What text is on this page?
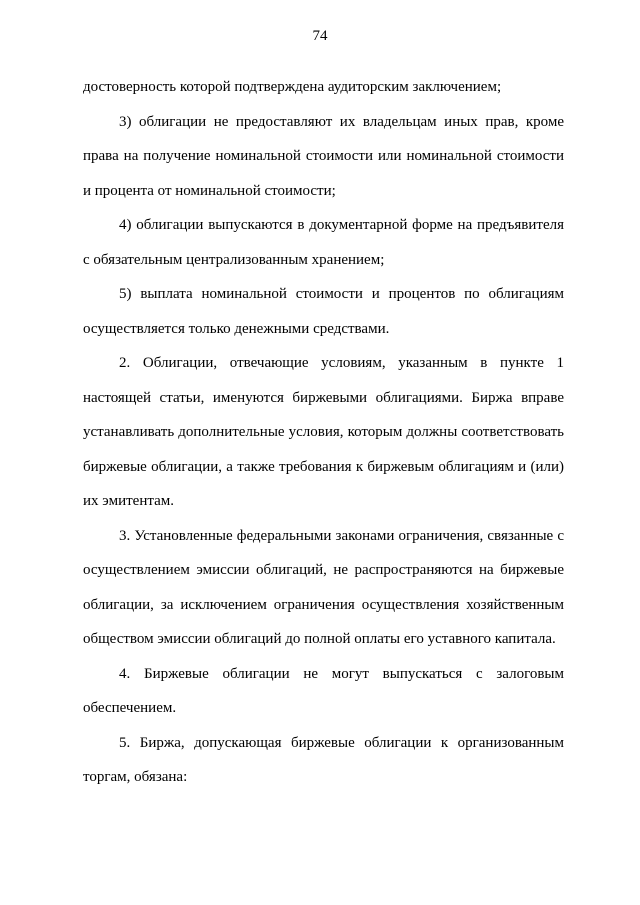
74

достоверность которой подтверждена аудиторским заключением;

3) облигации не предоставляют их владельцам иных прав, кроме права на получение номинальной стоимости или номинальной стоимости и процента от номинальной стоимости;

4) облигации выпускаются в документарной форме на предъявителя с обязательным централизованным хранением;

5) выплата номинальной стоимости и процентов по облигациям осуществляется только денежными средствами.

2. Облигации, отвечающие условиям, указанным в пункте 1 настоящей статьи, именуются биржевыми облигациями. Биржа вправе устанавливать дополнительные условия, которым должны соответствовать биржевые облигации, а также требования к биржевым облигациям и (или) их эмитентам.

3. Установленные федеральными законами ограничения, связанные с осуществлением эмиссии облигаций, не распространяются на биржевые облигации, за исключением ограничения осуществления хозяйственным обществом эмиссии облигаций до полной оплаты его уставного капитала.

4. Биржевые облигации не могут выпускаться с залоговым обеспечением.

5. Биржа, допускающая биржевые облигации к организованным торгам, обязана:
